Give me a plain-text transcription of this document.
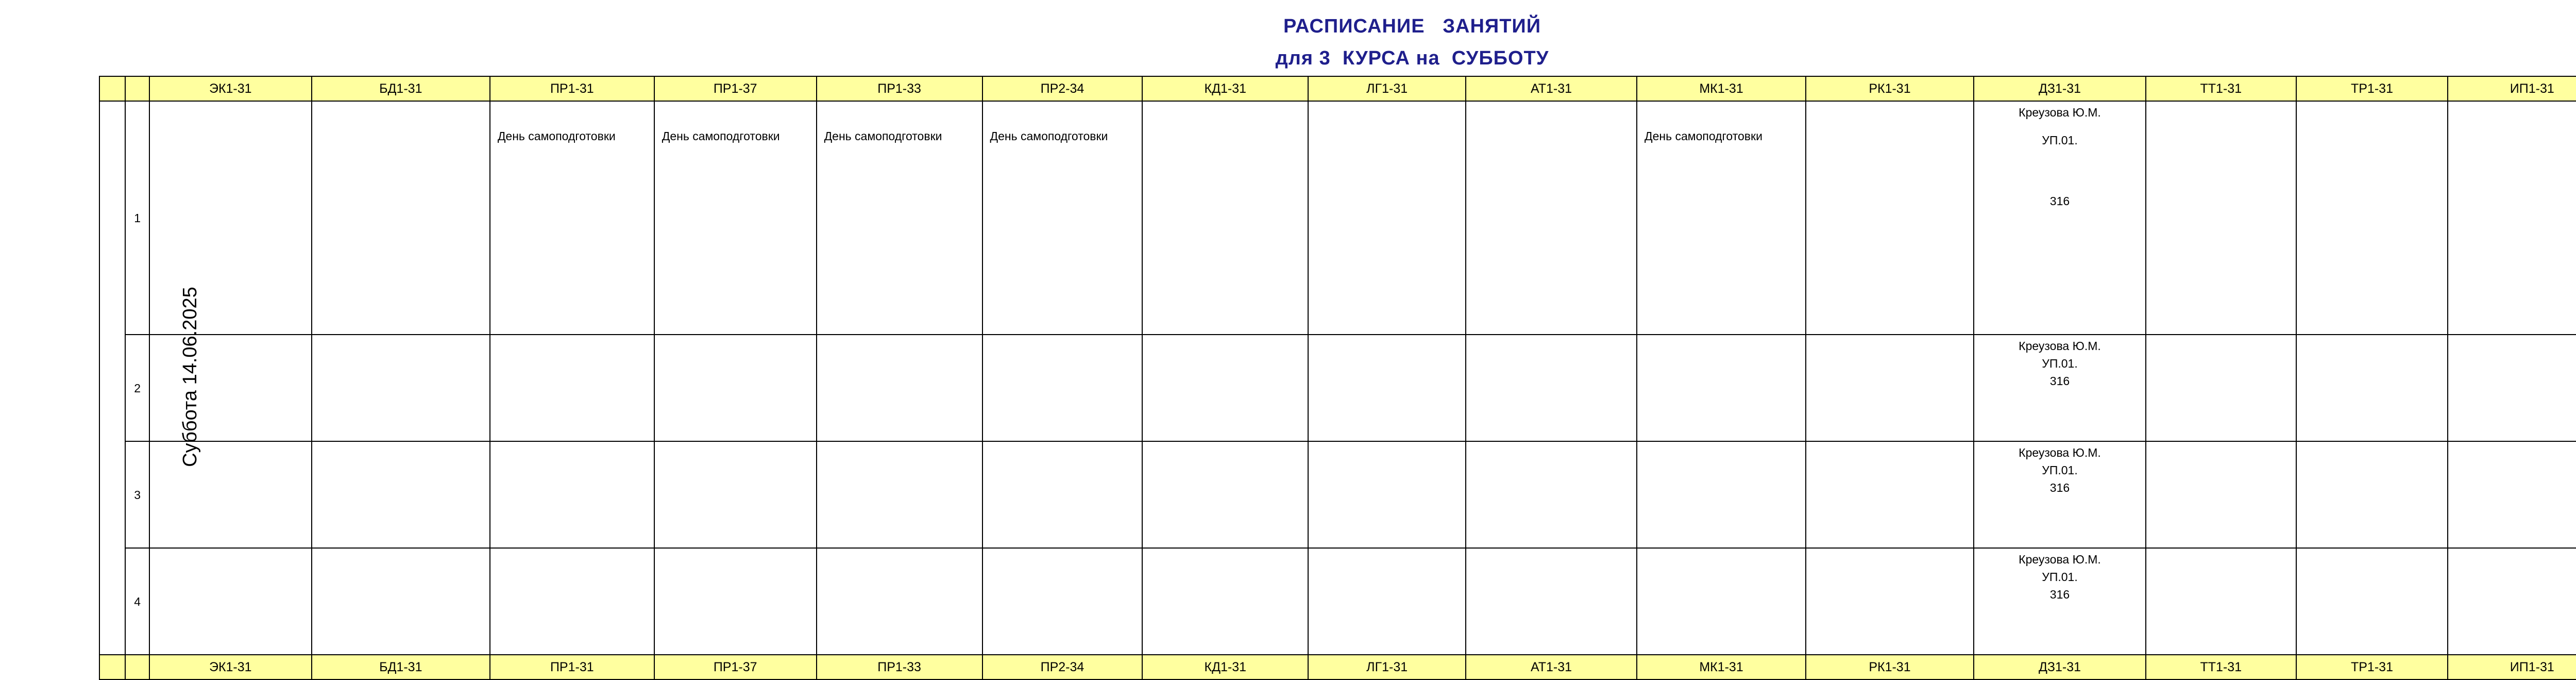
РАСПИСАНИЕ   ЗАНЯТИЙ
для 3  КУРСА на  СУББОТУ
		ЭК1-31	БД1-31	ПР1-31	ПР1-37	ПР1-33	ПР2-34	КД1-31	ЛГ1-31	АТ1-31	МК1-31	РК1-31	ДЗ1-31	ТТ1-31	ТР1-31	ИП1-31	
Суббота 14.06.2025	1			День самоподготовки	День самоподготовки	День самоподготовки	День самоподготовки				День самоподготовки		Креузова Ю.М.
УП.01.
316				

	2												Креузова Ю.М.
УП.01.
316				

	3												Креузова Ю.М.
УП.01.
316				

	4												Креузова Ю.М.
УП.01.
316				

		ЭК1-31	БД1-31	ПР1-31	ПР1-37	ПР1-33	ПР2-34	КД1-31	ЛГ1-31	АТ1-31	МК1-31	РК1-31	ДЗ1-31	ТТ1-31	ТР1-31	ИП1-31	
